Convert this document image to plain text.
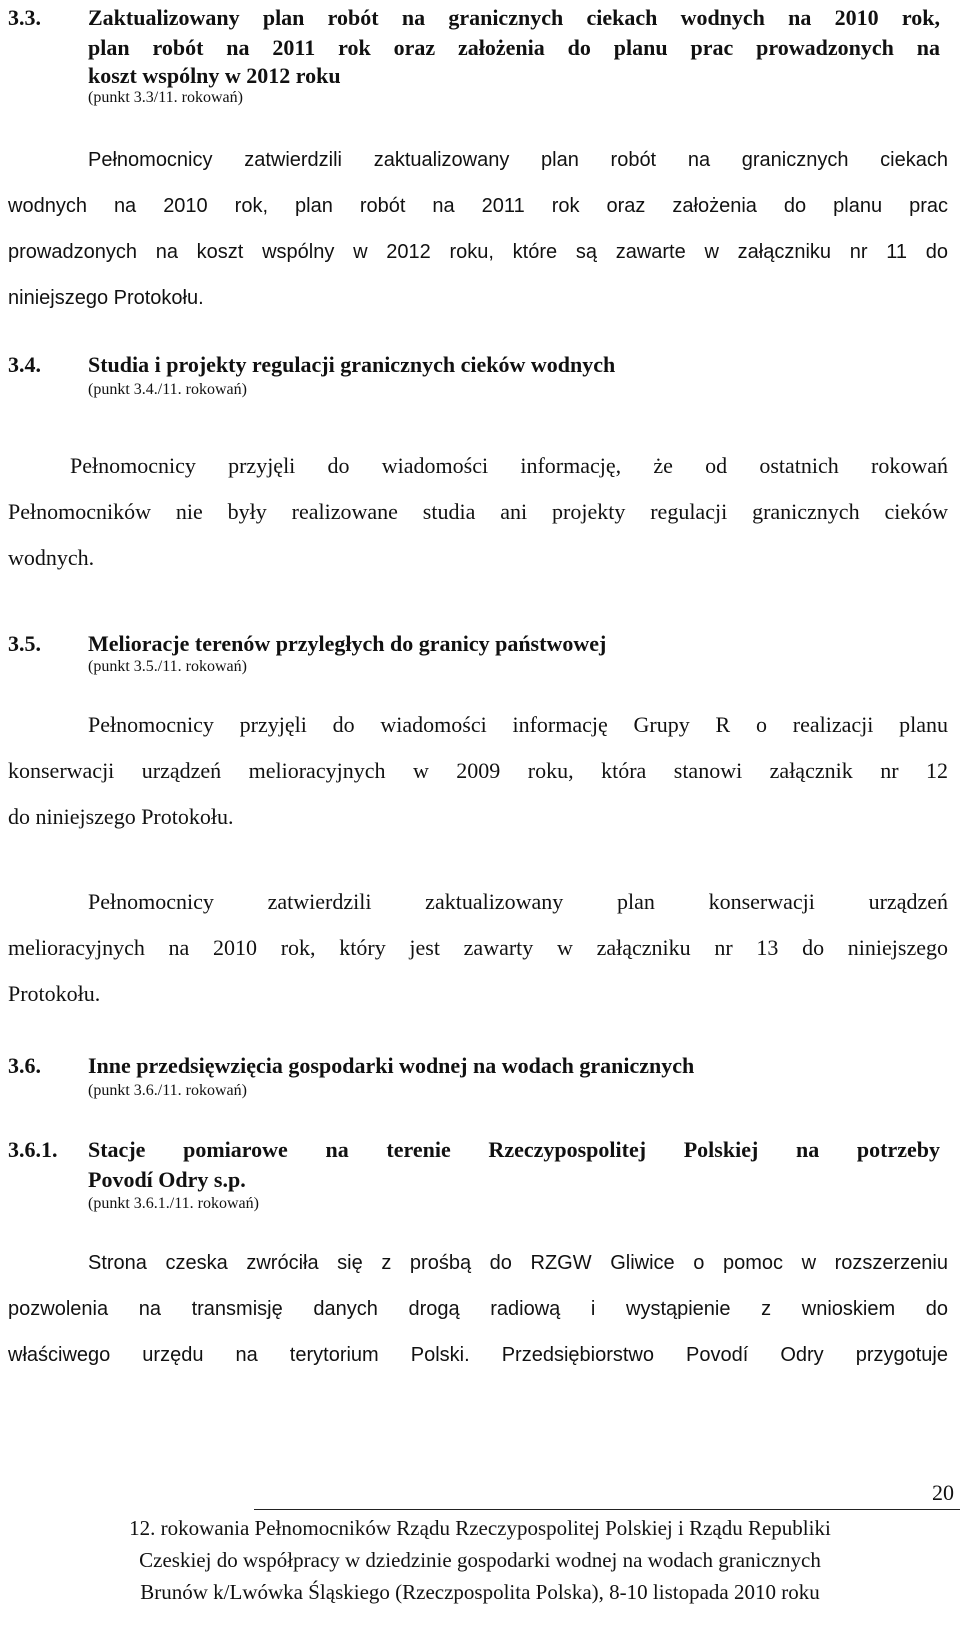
3.3. Zaktualizowany plan robót na granicznych ciekach wodnych na 2010 rok,
plan robót na 2011 rok oraz założenia do planu prac prowadzonych na
koszt wspólny w 2012 roku
(punkt 3.3/11. rokowań)
Pełnomocnicy zatwierdzili zaktualizowany plan robót na granicznych ciekach
wodnych na 2010 rok, plan robót na 2011 rok oraz założenia do planu prac
prowadzonych na koszt wspólny w 2012 roku, które są zawarte w załączniku nr 11 do
niniejszego Protokołu.
3.4. Studia i projekty regulacji granicznych cieków wodnych
(punkt 3.4./11. rokowań)
Pełnomocnicy przyjęli do wiadomości informację, że od ostatnich rokowań
Pełnomocników nie były realizowane studia ani projekty regulacji granicznych cieków
wodnych.
3.5. Melioracje terenów przyległych do granicy państwowej
(punkt 3.5./11. rokowań)
Pełnomocnicy przyjęli do wiadomości informację Grupy R o realizacji planu
konserwacji urządzeń melioracyjnych w 2009 roku, która stanowi załącznik nr 12
do niniejszego Protokołu.
Pełnomocnicy zatwierdzili zaktualizowany plan konserwacji urządzeń
melioracyjnych na 2010 rok, który jest zawarty w załączniku nr 13 do niniejszego
Protokołu.
3.6. Inne przedsięwzięcia gospodarki wodnej na wodach granicznych
(punkt 3.6./11. rokowań)
3.6.1. Stacje pomiarowe na terenie Rzeczypospolitej Polskiej na potrzeby
Povodí Odry s.p.
(punkt 3.6.1./11. rokowań)
Strona czeska zwróciła się z prośbą do RZGW Gliwice o pomoc w rozszerzeniu
pozwolenia na transmisję danych drogą radiową i wystąpienie z wnioskiem do
właściwego urzędu na terytorium Polski. Przedsiębiorstwo Povodí Odry przygotuje
20
12. rokowania Pełnomocników Rządu Rzeczypospolitej Polskiej i Rządu Republiki
Czeskiej do współpracy w dziedzinie gospodarki wodnej na wodach granicznych
Brunów k/Lwówka Śląskiego (Rzeczpospolita Polska), 8-10 listopada 2010 roku
